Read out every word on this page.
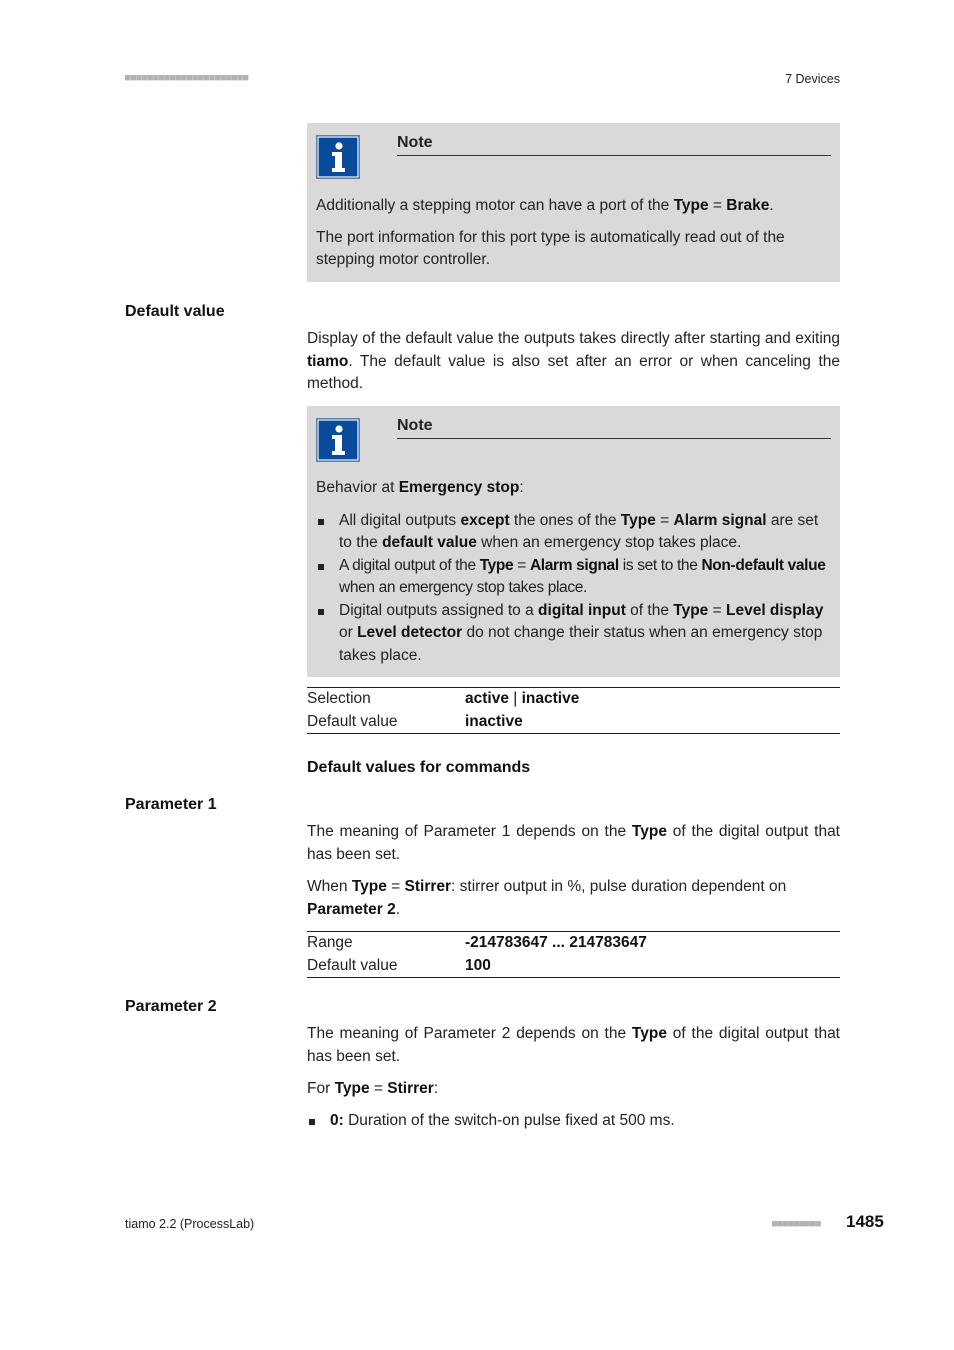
■■■■■■■■■■■■■■■■■■■■■■	7 Devices
Note

Additionally a stepping motor can have a port of the Type = Brake.

The port information for this port type is automatically read out of the stepping motor controller.

Default value

Display of the default value the outputs takes directly after starting and exiting tiamo. The default value is also set after an error or when canceling the method.

Note

Behavior at Emergency stop:

All digital outputs except the ones of the Type = Alarm signal are set to the default value when an emergency stop takes place.
A digital output of the Type = Alarm signal is set to the Non-default value when an emergency stop takes place.
Digital outputs assigned to a digital input of the Type = Level display or Level detector do not change their status when an emergency stop takes place.
Selection	active | inactive
Default value	inactive
Default values for commands
Parameter 1

The meaning of Parameter 1 depends on the Type of the digital output that has been set.

When Type = Stirrer: stirrer output in %, pulse duration dependent on Parameter 2.

Range	-214783647 ... 214783647
Default value	100
Parameter 2

The meaning of Parameter 2 depends on the Type of the digital output that has been set.

For Type = Stirrer:

0: Duration of the switch-on pulse fixed at 500 ms.
tiamo 2.2 (ProcessLab)	■■■■■■■■■ 1485
